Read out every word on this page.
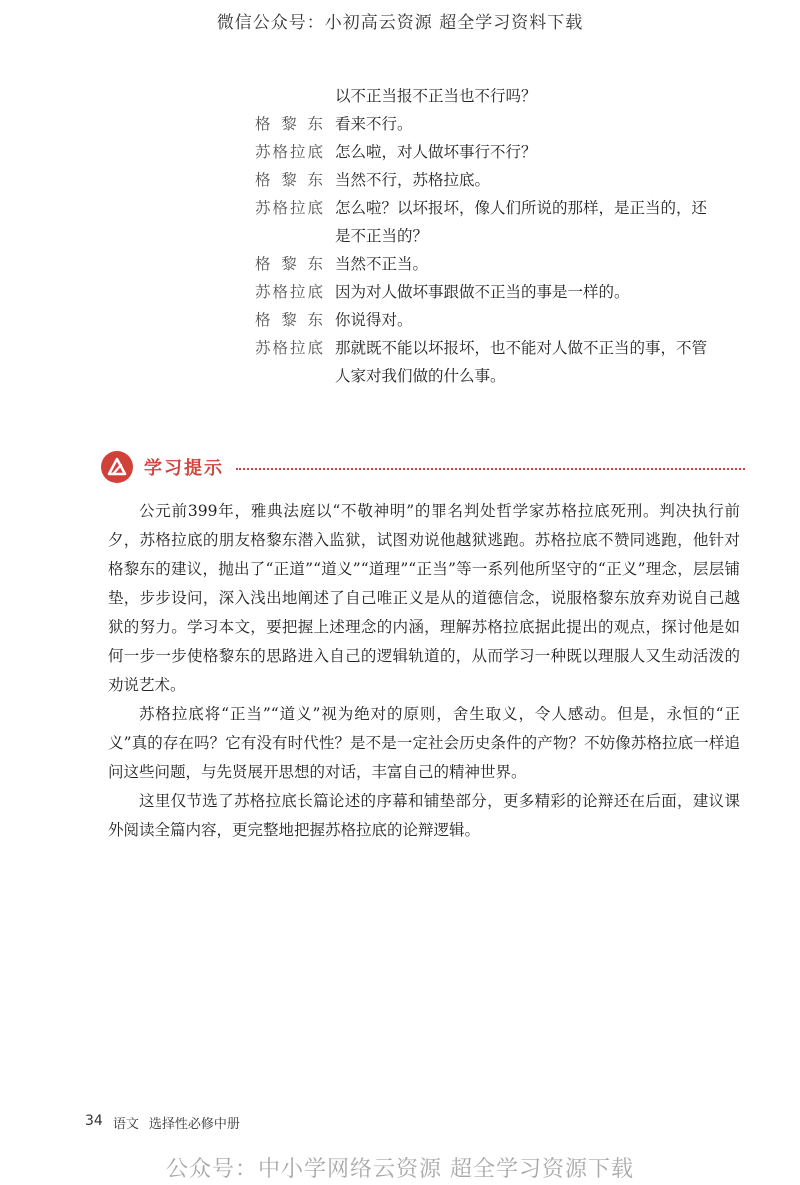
微信公众号：小初高云资源 超全学习资料下载
以不正当报不正当也不行吗？
格黎东 看来不行。
苏格拉底 怎么啦，对人做坏事行不行？
格黎东 当然不行，苏格拉底。
苏格拉底 怎么啦？以坏报坏，像人们所说的那样，是正当的，还
是不正当的？
格黎东 当然不正当。
苏格拉底 因为对人做坏事跟做不正当的事是一样的。
格黎东 你说得对。
苏格拉底 那就既不能以坏报坏，也不能对人做不正当的事，不管
人家对我们做的什么事。
学习提示

公元前399年，雅典法庭以“不敬神明”的罪名判处哲学家苏格拉底死刑。判决执行前夕，苏格拉底的朋友格黎东潜入监狱，试图劝说他越狱逃跑。苏格拉底不赞同逃跑，他针对格黎东的建议，抛出了“正道”“道义”“道理”“正当”等一系列他所坚守的“正义”理念，层层铺垫，步步设问，深入浅出地阐述了自己唯正义是从的道德信念，说服格黎东放弃劝说自己越狱的努力。学习本文，要把握上述理念的内涵，理解苏格拉底据此提出的观点，探讨他是如何一步一步使格黎东的思路进入自己的逻辑轨道的，从而学习一种既以理服人又生动活泼的劝说艺术。

苏格拉底将“正当”“道义”视为绝对的原则，舍生取义，令人感动。但是，永恒的“正义”真的存在吗？它有没有时代性？是不是一定社会历史条件的产物？不妨像苏格拉底一样追问这些问题，与先贤展开思想的对话，丰富自己的精神世界。

这里仅节选了苏格拉底长篇论述的序幕和铺垫部分，更多精彩的论辩还在后面，建议课外阅读全篇内容，更完整地把握苏格拉底的论辩逻辑。

34 语文 选择性必修中册
公众号：中小学网络云资源 超全学习资源下载
